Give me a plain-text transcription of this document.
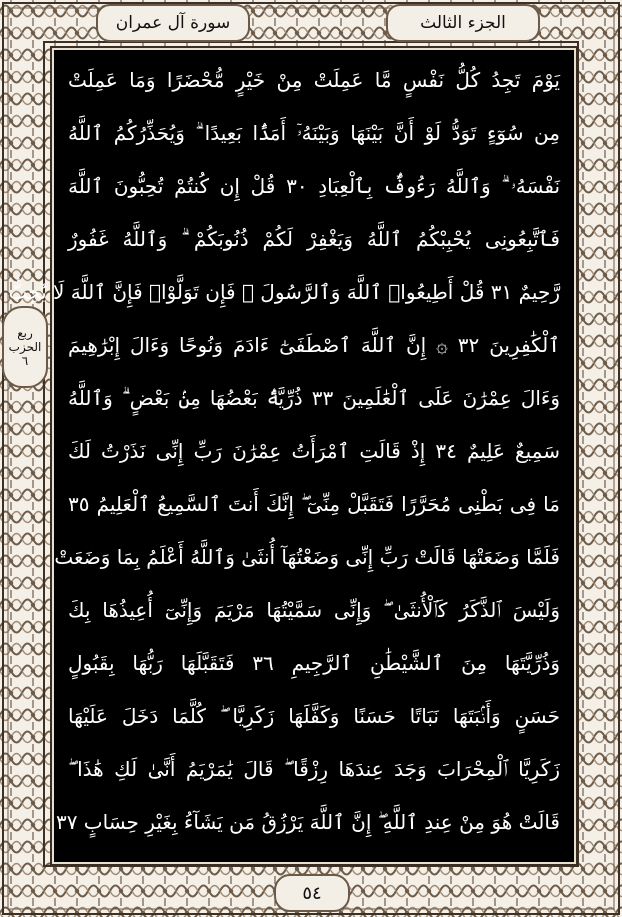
سورة آل عمران	الجزء الثالث
ربع
الحزب
٦
يَوْمَ تَجِدُ كُلُّ نَفْسٍ مَّا عَمِلَتْ مِنْ خَيْرٍ مُّحْضَرًا وَمَا عَمِلَتْ
مِن سُوٓءٍ تَوَدُّ لَوْ أَنَّ بَيْنَهَا وَبَيْنَهُۥٓ أَمَدًۢا بَعِيدًا ۗ وَيُحَذِّرُكُمُ ٱللَّهُ
نَفْسَهُۥ ۗ وَٱللَّهُ رَءُوفٌۢ بِٱلْعِبَادِ ٣٠ قُلْ إِن كُنتُمْ تُحِبُّونَ ٱللَّهَ
فَٱتَّبِعُونِى يُحْبِبْكُمُ ٱللَّهُ وَيَغْفِرْ لَكُمْ ذُنُوبَكُمْ ۗ وَٱللَّهُ غَفُورٌ
رَّحِيمٌ ٣١ قُلْ أَطِيعُوا۟ ٱللَّهَ وَٱلرَّسُولَ ۖ فَإِن تَوَلَّوْا۟ فَإِنَّ ٱللَّهَ لَا يُحِبُّ
ٱلْكَٰفِرِينَ ٣٢ ۞ إِنَّ ٱللَّهَ ٱصْطَفَىٰٓ ءَادَمَ وَنُوحًا وَءَالَ إِبْرَٰهِيمَ
وَءَالَ عِمْرَٰنَ عَلَى ٱلْعَٰلَمِينَ ٣٣ ذُرِّيَّةًۢ بَعْضُهَا مِنۢ بَعْضٍ ۗ وَٱللَّهُ
سَمِيعٌ عَلِيمٌ ٣٤ إِذْ قَالَتِ ٱمْرَأَتُ عِمْرَٰنَ رَبِّ إِنِّى نَذَرْتُ لَكَ
مَا فِى بَطْنِى مُحَرَّرًا فَتَقَبَّلْ مِنِّىٓ ۖ إِنَّكَ أَنتَ ٱلسَّمِيعُ ٱلْعَلِيمُ ٣٥
فَلَمَّا وَضَعَتْهَا قَالَتْ رَبِّ إِنِّى وَضَعْتُهَآ أُنثَىٰ وَٱللَّهُ أَعْلَمُ بِمَا وَضَعَتْ
وَلَيْسَ ٱلذَّكَرُ كَٱلْأُنثَىٰ ۖ وَإِنِّى سَمَّيْتُهَا مَرْيَمَ وَإِنِّىٓ أُعِيذُهَا بِكَ
وَذُرِّيَّتَهَا مِنَ ٱلشَّيْطَٰنِ ٱلرَّجِيمِ ٣٦ فَتَقَبَّلَهَا رَبُّهَا بِقَبُولٍ
حَسَنٍ وَأَنۢبَتَهَا نَبَاتًا حَسَنًا وَكَفَّلَهَا زَكَرِيَّا ۖ كُلَّمَا دَخَلَ عَلَيْهَا
زَكَرِيَّا ٱلْمِحْرَابَ وَجَدَ عِندَهَا رِزْقًا ۖ قَالَ يَٰمَرْيَمُ أَنَّىٰ لَكِ هَٰذَا ۖ
قَالَتْ هُوَ مِنْ عِندِ ٱللَّهِ ۖ إِنَّ ٱللَّهَ يَرْزُقُ مَن يَشَآءُ بِغَيْرِ حِسَابٍ ٣٧
٥٤
